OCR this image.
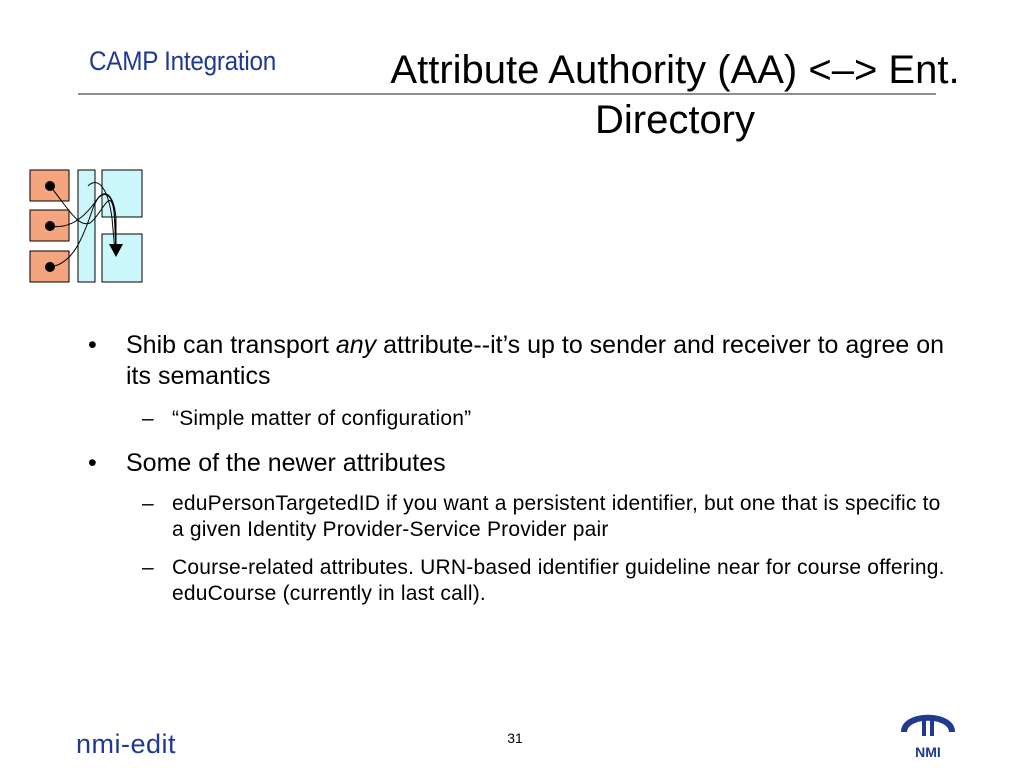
CAMP Integration	Attribute Authority (AA) <–> Ent.
Directory
• Shib can transport any attribute--it’s up to sender and receiver to agree on its semantics
– “Simple matter of configuration”
• Some of the newer attributes
– eduPersonTargetedID if you want a persistent identifier, but one that is specific to a given Identity Provider-Service Provider pair
– Course-related attributes. URN-based identifier guideline near for course offering. eduCourse (currently in last call).
nmi-edit	31
NMI
